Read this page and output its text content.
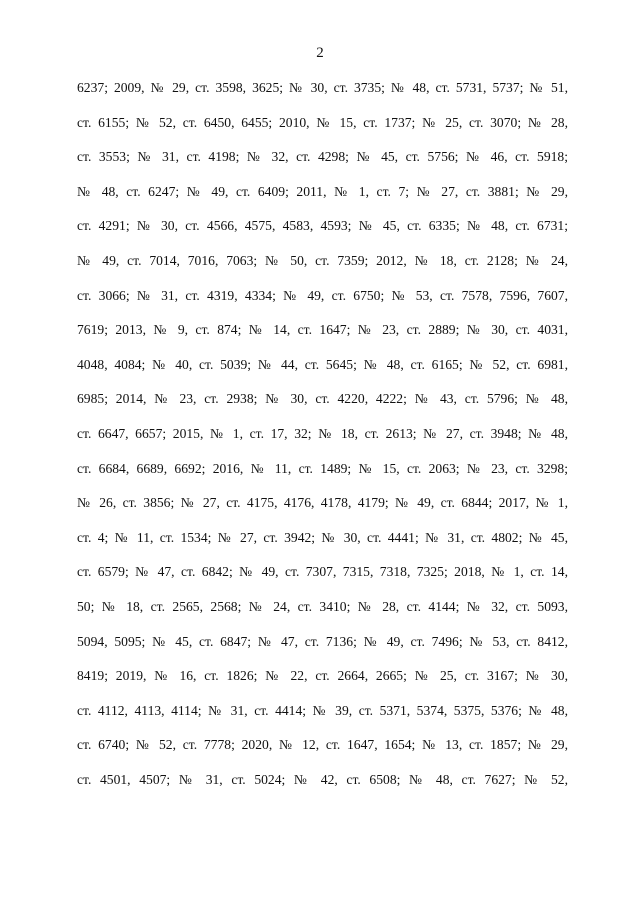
2
6237; 2009, № 29, ст. 3598, 3625; № 30, ст. 3735; № 48, ст. 5731, 5737; № 51,
ст. 6155; № 52, ст. 6450, 6455; 2010, № 15, ст. 1737; № 25, ст. 3070; № 28,
ст. 3553; № 31, ст. 4198; № 32, ст. 4298; № 45, ст. 5756; № 46, ст. 5918;
№ 48, ст. 6247; № 49, ст. 6409; 2011, № 1, ст. 7; № 27, ст. 3881; № 29,
ст. 4291; № 30, ст. 4566, 4575, 4583, 4593; № 45, ст. 6335; № 48, ст. 6731;
№ 49, ст. 7014, 7016, 7063; № 50, ст. 7359; 2012, № 18, ст. 2128; № 24,
ст. 3066; № 31, ст. 4319, 4334; № 49, ст. 6750; № 53, ст. 7578, 7596, 7607,
7619; 2013, № 9, ст. 874; № 14, ст. 1647; № 23, ст. 2889; № 30, ст. 4031,
4048, 4084; № 40, ст. 5039; № 44, ст. 5645; № 48, ст. 6165; № 52, ст. 6981,
6985; 2014, № 23, ст. 2938; № 30, ст. 4220, 4222; № 43, ст. 5796; № 48,
ст. 6647, 6657; 2015, № 1, ст. 17, 32; № 18, ст. 2613; № 27, ст. 3948; № 48,
ст. 6684, 6689, 6692; 2016, № 11, ст. 1489; № 15, ст. 2063; № 23, ст. 3298;
№ 26, ст. 3856; № 27, ст. 4175, 4176, 4178, 4179; № 49, ст. 6844; 2017, № 1,
ст. 4; № 11, ст. 1534; № 27, ст. 3942; № 30, ст. 4441; № 31, ст. 4802; № 45,
ст. 6579; № 47, ст. 6842; № 49, ст. 7307, 7315, 7318, 7325; 2018, № 1, ст. 14,
50; № 18, ст. 2565, 2568; № 24, ст. 3410; № 28, ст. 4144; № 32, ст. 5093,
5094, 5095; № 45, ст. 6847; № 47, ст. 7136; № 49, ст. 7496; № 53, ст. 8412,
8419; 2019, № 16, ст. 1826; № 22, ст. 2664, 2665; № 25, ст. 3167; № 30,
ст. 4112, 4113, 4114; № 31, ст. 4414; № 39, ст. 5371, 5374, 5375, 5376; № 48,
ст. 6740; № 52, ст. 7778; 2020, № 12, ст. 1647, 1654; № 13, ст. 1857; № 29,
ст. 4501, 4507; № 31, ст. 5024; № 42, ст. 6508; № 48, ст. 7627; № 52,
